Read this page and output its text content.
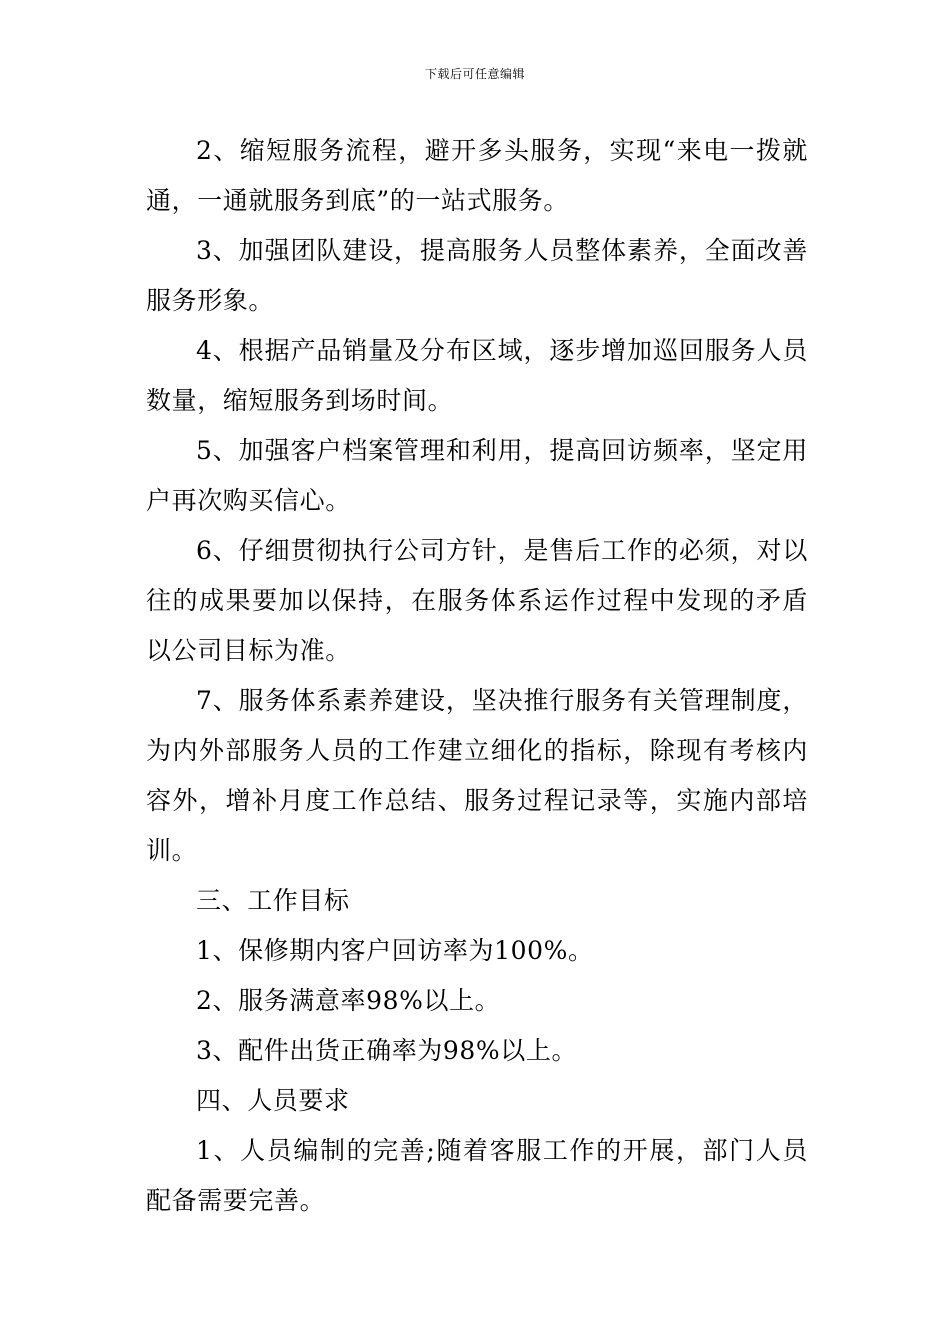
下载后可任意编辑

2、缩短服务流程，避开多头服务，实现“来电一拨就通，一通就服务到底”的一站式服务。

3、加强团队建设，提高服务人员整体素养，全面改善服务形象。

4、根据产品销量及分布区域，逐步增加巡回服务人员数量，缩短服务到场时间。

5、加强客户档案管理和利用，提高回访频率，坚定用户再次购买信心。

6、仔细贯彻执行公司方针，是售后工作的必须，对以往的成果要加以保持，在服务体系运作过程中发现的矛盾以公司目标为准。

7、服务体系素养建设，坚决推行服务有关管理制度，为内外部服务人员的工作建立细化的指标，除现有考核内容外，增补月度工作总结、服务过程记录等，实施内部培训。

三、工作目标

1、保修期内客户回访率为100%。

2、服务满意率98%以上。

3、配件出货正确率为98%以上。

四、人员要求

1、人员编制的完善;随着客服工作的开展，部门人员配备需要完善。
